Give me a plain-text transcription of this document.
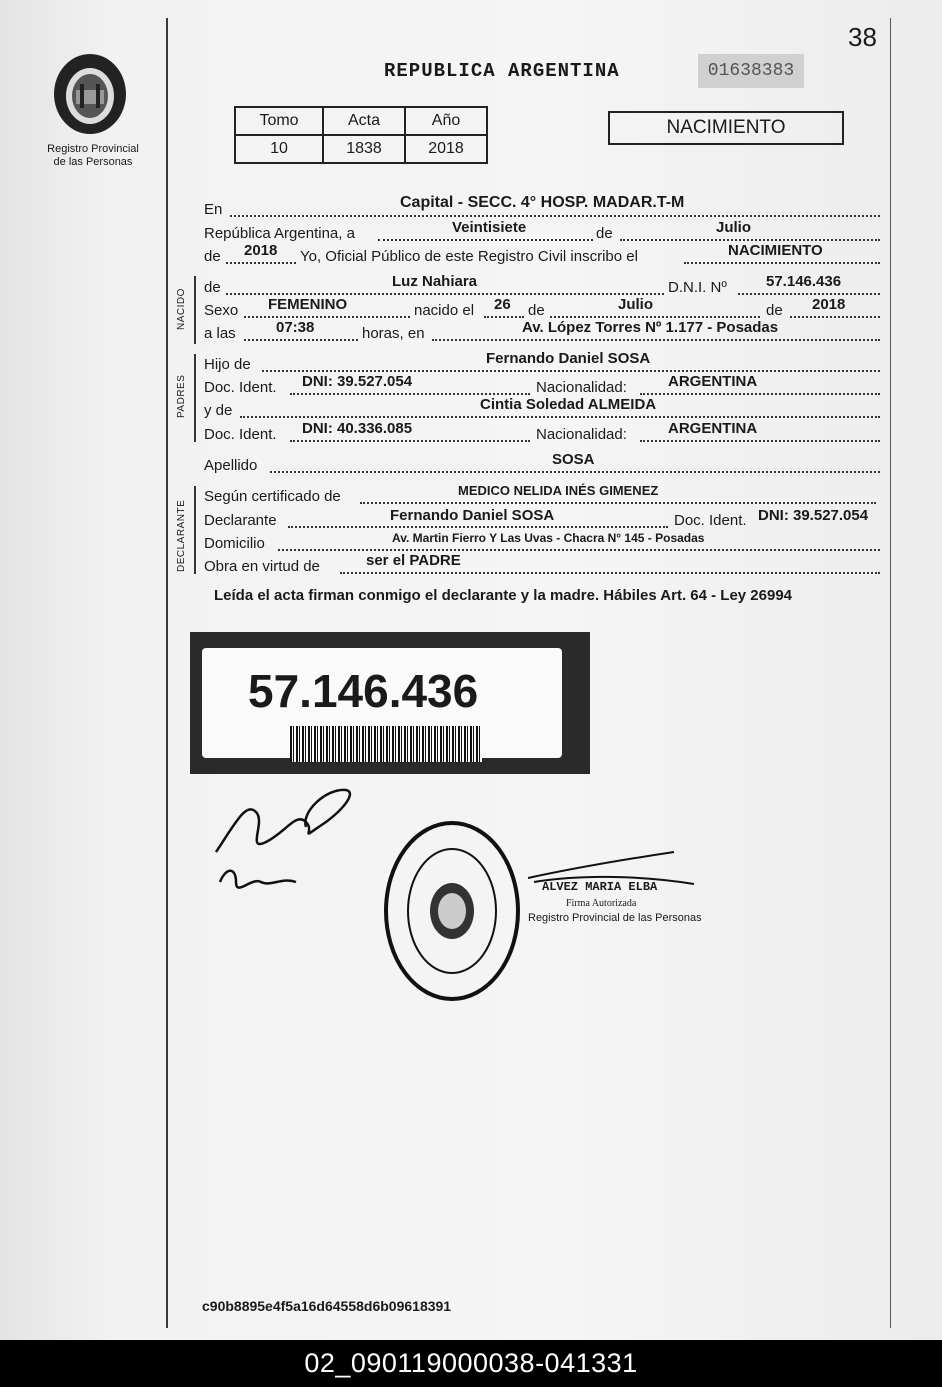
38
Registro Provincial
de las Personas
REPUBLICA ARGENTINA	01638383
Tomo	Acta	Año
10	1838	2018
NACIMIENTO
En	Capital - SECC. 4° HOSP. MADAR.T-M
República Argentina, a	Veintisiete	de	Julio
de 2018 Yo, Oficial Público de este Registro Civil inscribo el	NACIMIENTO
NACIDO
de	Luz Nahiara	D.N.I. Nº	57.146.436
Sexo FEMENINO	nacido el 26 de	Julio	de 2018
a las	07:38	horas, en	Av. López Torres Nº 1.177 - Posadas
PADRES
Hijo de	Fernando Daniel SOSA
Doc. Ident. DNI: 39.527.054	Nacionalidad:	ARGENTINA
y de	Cintia Soledad ALMEIDA
Doc. Ident. DNI: 40.336.085	Nacionalidad:	ARGENTINA
Apellido	SOSA
DECLARANTE
Según certificado de	MEDICO NELIDA INÉS GIMENEZ
Declarante	Fernando Daniel SOSA	Doc. Ident. DNI: 39.527.054
Domicilio	Av. Martin Fierro Y Las Uvas - Chacra N° 145 - Posadas
Obra en virtud de	ser el PADRE
Leída el acta firman conmigo el declarante y la madre. Hábiles Art. 64 - Ley 26994
57.146.436
ALVEZ MARIA ELBA
Firma Autorizada
Registro Provincial de las Personas
c90b8895e4f5a16d64558d6b09618391
02_090119000038-041331
